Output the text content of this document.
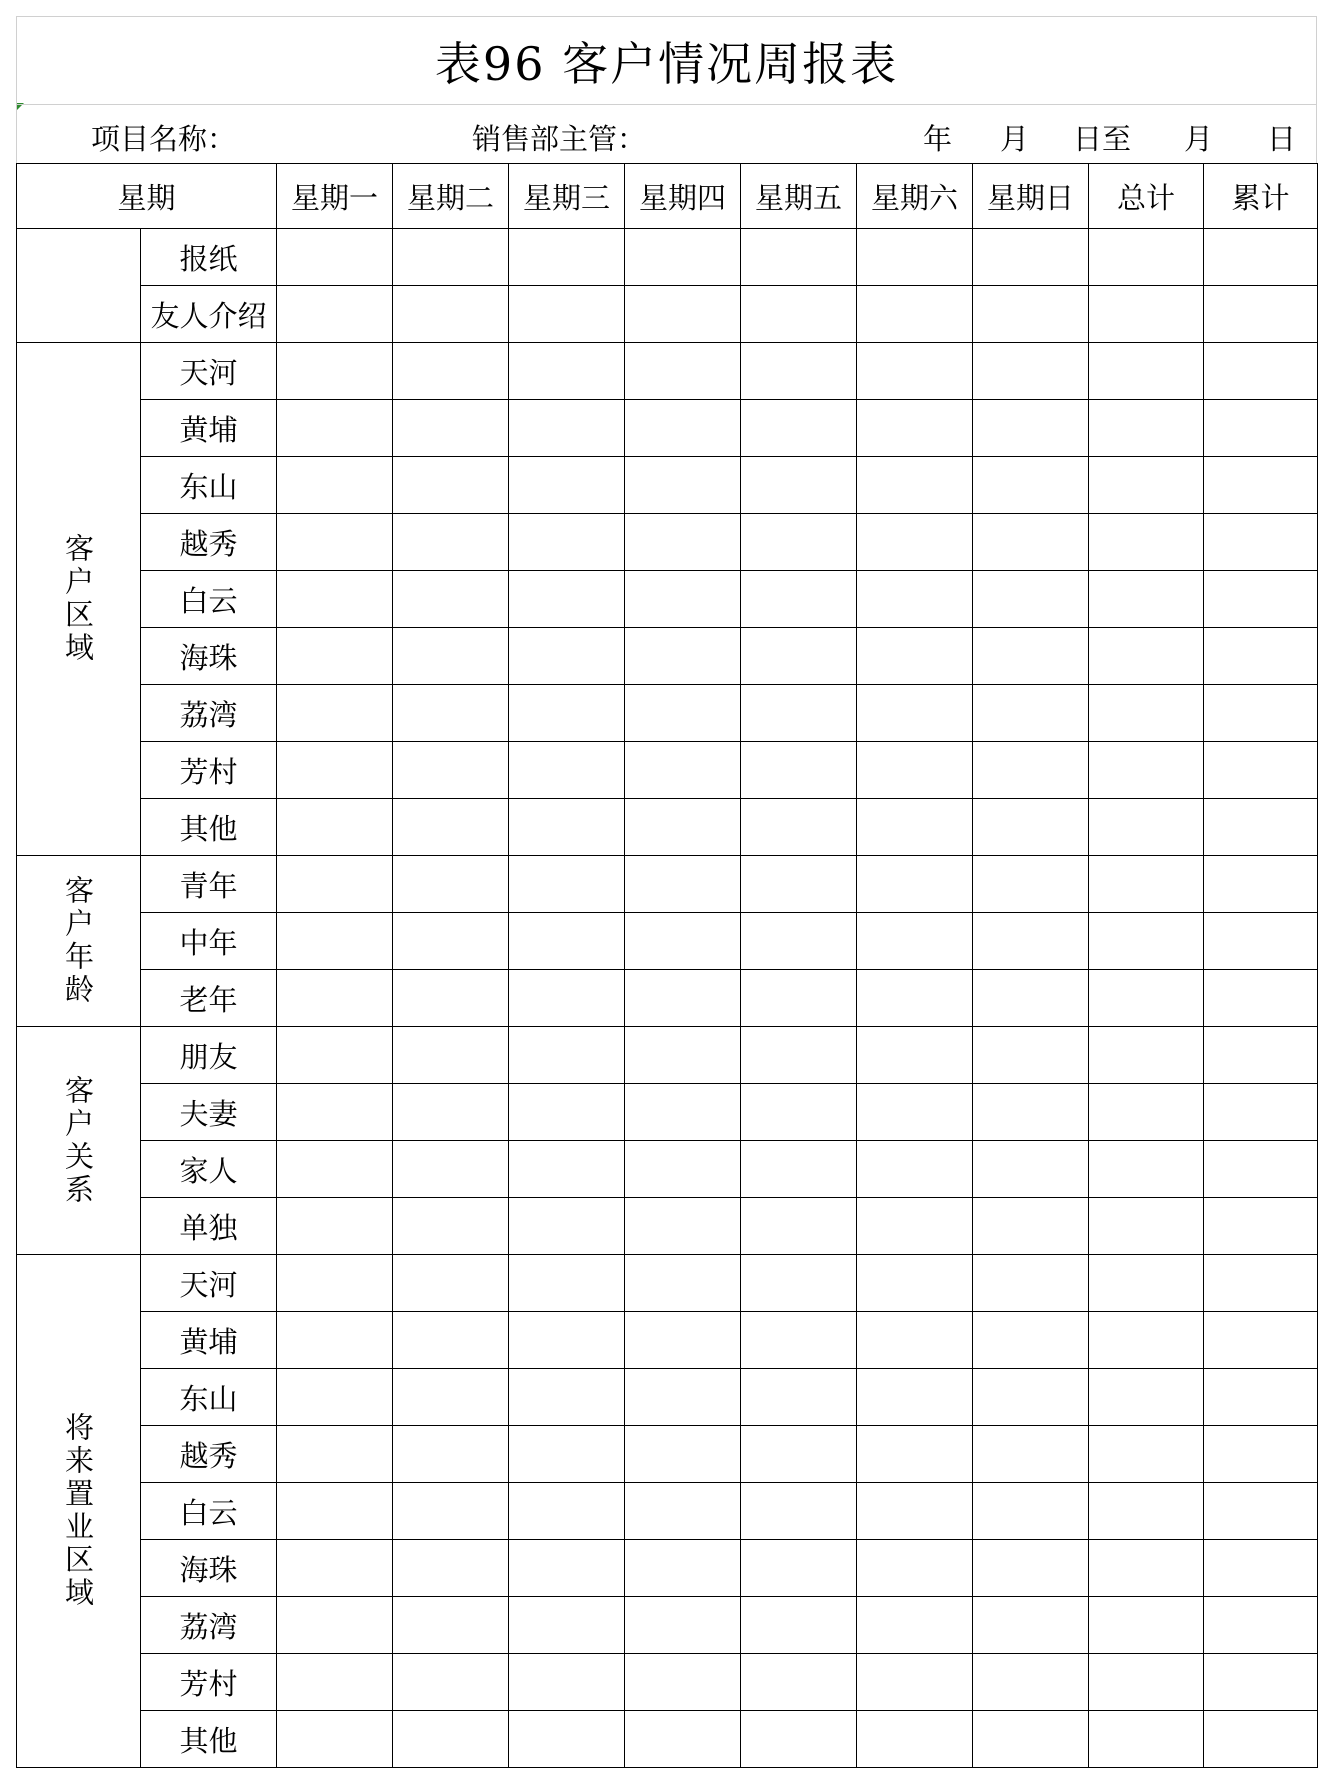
表96 客户情况周报表
项目名称：	销售部主管：	年 月 日至 月 日
星期		星期一	星期二	星期三	星期四	星期五	星期六	星期日	总计	累计
	报纸									
	友人介绍									
客户区域	天河									
	黄埔									
	东山									
	越秀									
	白云									
	海珠									
	荔湾									
	芳村									
	其他									
客户年龄	青年									
	中年									
	老年									
客户关系	朋友									
	夫妻									
	家人									
	单独									
将来置业区域	天河									
	黄埔									
	东山									
	越秀									
	白云									
	海珠									
	荔湾									
	芳村									
	其他									
